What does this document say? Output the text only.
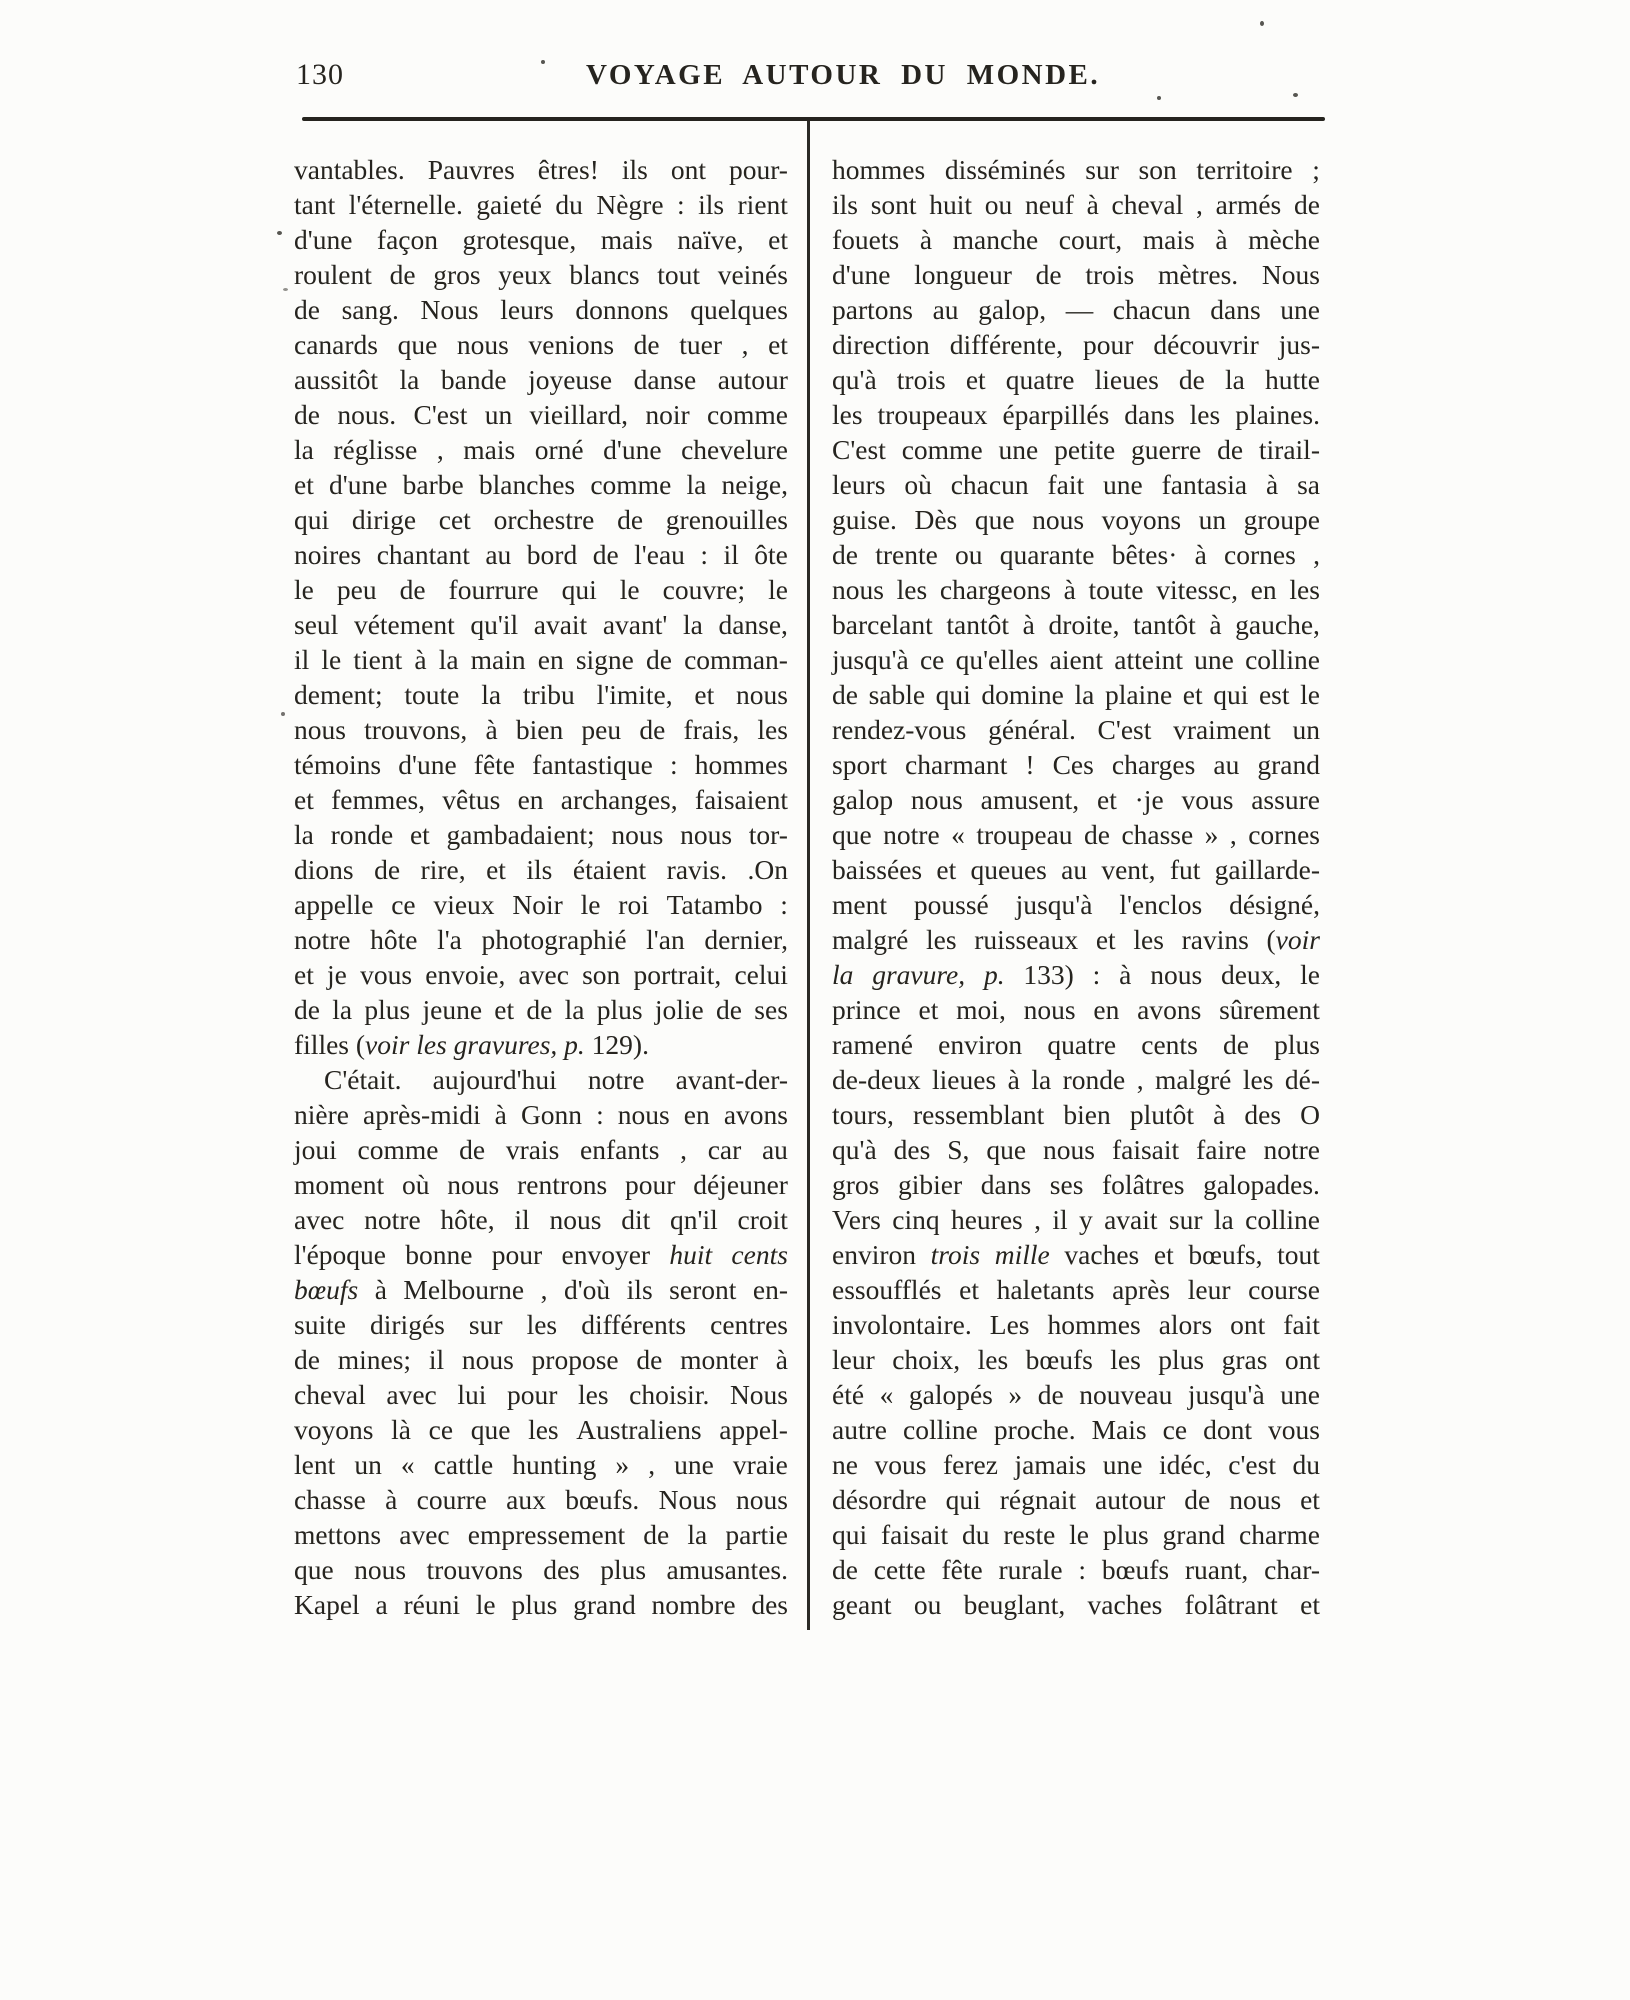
130	VOYAGE AUTOUR DU MONDE.
vantables. Pauvres êtres! ils ont pour-
tant l'éternelle. gaieté du Nègre : ils rient
d'une façon grotesque, mais naïve, et
roulent de gros yeux blancs tout veinés
de sang. Nous leurs donnons quelques
canards que nous venions de tuer , et
aussitôt la bande joyeuse danse autour
de nous. C'est un vieillard, noir comme
la réglisse , mais orné d'une chevelure
et d'une barbe blanches comme la neige,
qui dirige cet orchestre de grenouilles
noires chantant au bord de l'eau : il ôte
le peu de fourrure qui le couvre; le
seul vétement qu'il avait avant' la danse,
il le tient à la main en signe de comman-
dement; toute la tribu l'imite, et nous
nous trouvons, à bien peu de frais, les
témoins d'une fête fantastique : hommes
et femmes, vêtus en archanges, faisaient
la ronde et gambadaient; nous nous tor-
dions de rire, et ils étaient ravis. .On
appelle ce vieux Noir le roi Tatambo :
notre hôte l'a photographié l'an dernier,
et je vous envoie, avec son portrait, celui
de la plus jeune et de la plus jolie de ses
filles (voir les gravures, p. 129).
C'était. aujourd'hui notre avant-der-
nière après-midi à Gonn : nous en avons
joui comme de vrais enfants , car au
moment où nous rentrons pour déjeuner
avec notre hôte, il nous dit qn'il croit
l'époque bonne pour envoyer huit cents
bœufs à Melbourne , d'où ils seront en-
suite dirigés sur les différents centres
de mines; il nous propose de monter à
cheval avec lui pour les choisir. Nous
voyons là ce que les Australiens appel-
lent un « cattle hunting » , une vraie
chasse à courre aux bœufs. Nous nous
mettons avec empressement de la partie
que nous trouvons des plus amusantes.
Kapel a réuni le plus grand nombre des
hommes disséminés sur son territoire ;
ils sont huit ou neuf à cheval , armés de
fouets à manche court, mais à mèche
d'une longueur de trois mètres. Nous
partons au galop, — chacun dans une
direction différente, pour découvrir jus-
qu'à trois et quatre lieues de la hutte
les troupeaux éparpillés dans les plaines.
C'est comme une petite guerre de tirail-
leurs où chacun fait une fantasia à sa
guise. Dès que nous voyons un groupe
de trente ou quarante bêtes· à cornes ,
nous les chargeons à toute vitessc, en les
barcelant tantôt à droite, tantôt à gauche,
jusqu'à ce qu'elles aient atteint une colline
de sable qui domine la plaine et qui est le
rendez-vous général. C'est vraiment un
sport charmant ! Ces charges au grand
galop nous amusent, et ·je vous assure
que notre « troupeau de chasse » , cornes
baissées et queues au vent, fut gaillarde-
ment poussé jusqu'à l'enclos désigné,
malgré les ruisseaux et les ravins (voir
la gravure, p. 133) : à nous deux, le
prince et moi, nous en avons sûrement
ramené environ quatre cents de plus
de-deux lieues à la ronde , malgré les dé-
tours, ressemblant bien plutôt à des O
qu'à des S, que nous faisait faire notre
gros gibier dans ses folâtres galopades.
Vers cinq heures , il y avait sur la colline
environ trois mille vaches et bœufs, tout
essoufflés et haletants après leur course
involontaire. Les hommes alors ont fait
leur choix, les bœufs les plus gras ont
été « galopés » de nouveau jusqu'à une
autre colline proche. Mais ce dont vous
ne vous ferez jamais une idéc, c'est du
désordre qui régnait autour de nous et
qui faisait du reste le plus grand charme
de cette fête rurale : bœufs ruant, char-
geant ou beuglant, vaches folâtrant et
